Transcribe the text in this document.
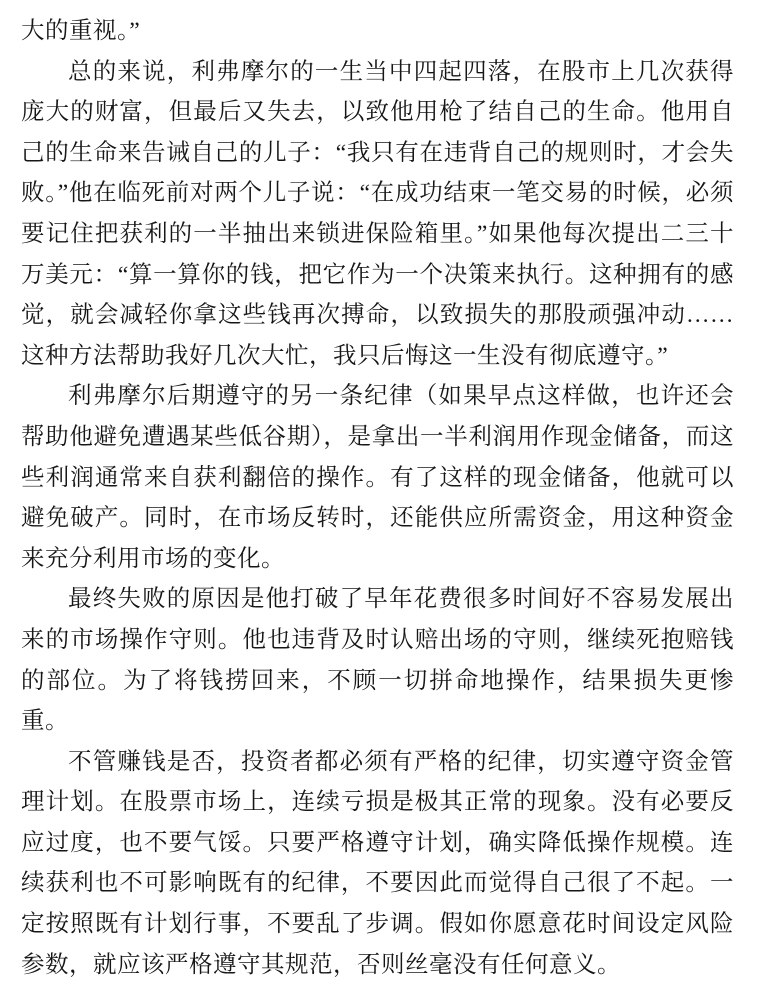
大的重视。”

总的来说，利弗摩尔的一生当中四起四落，在股市上几次获得庞大的财富，但最后又失去，以致他用枪了结自己的生命。他用自己的生命来告诫自己的儿子：“我只有在违背自己的规则时，才会失败。”他在临死前对两个儿子说：“在成功结束一笔交易的时候，必须要记住把获利的一半抽出来锁进保险箱里。”如果他每次提出二三十万美元：“算一算你的钱，把它作为一个决策来执行。这种拥有的感觉，就会减轻你拿这些钱再次搏命，以致损失的那股顽强冲动……这种方法帮助我好几次大忙，我只后悔这一生没有彻底遵守。”

利弗摩尔后期遵守的另一条纪律（如果早点这样做，也许还会帮助他避免遭遇某些低谷期），是拿出一半利润用作现金储备，而这些利润通常来自获利翻倍的操作。有了这样的现金储备，他就可以避免破产。同时，在市场反转时，还能供应所需资金，用这种资金来充分利用市场的变化。

最终失败的原因是他打破了早年花费很多时间好不容易发展出来的市场操作守则。他也违背及时认赔出场的守则，继续死抱赔钱的部位。为了将钱捞回来，不顾一切拼命地操作，结果损失更惨重。

不管赚钱是否，投资者都必须有严格的纪律，切实遵守资金管理计划。在股票市场上，连续亏损是极其正常的现象。没有必要反应过度，也不要气馁。只要严格遵守计划，确实降低操作规模。连续获利也不可影响既有的纪律，不要因此而觉得自己很了不起。一定按照既有计划行事，不要乱了步调。假如你愿意花时间设定风险参数，就应该严格遵守其规范，否则丝毫没有任何意义。
